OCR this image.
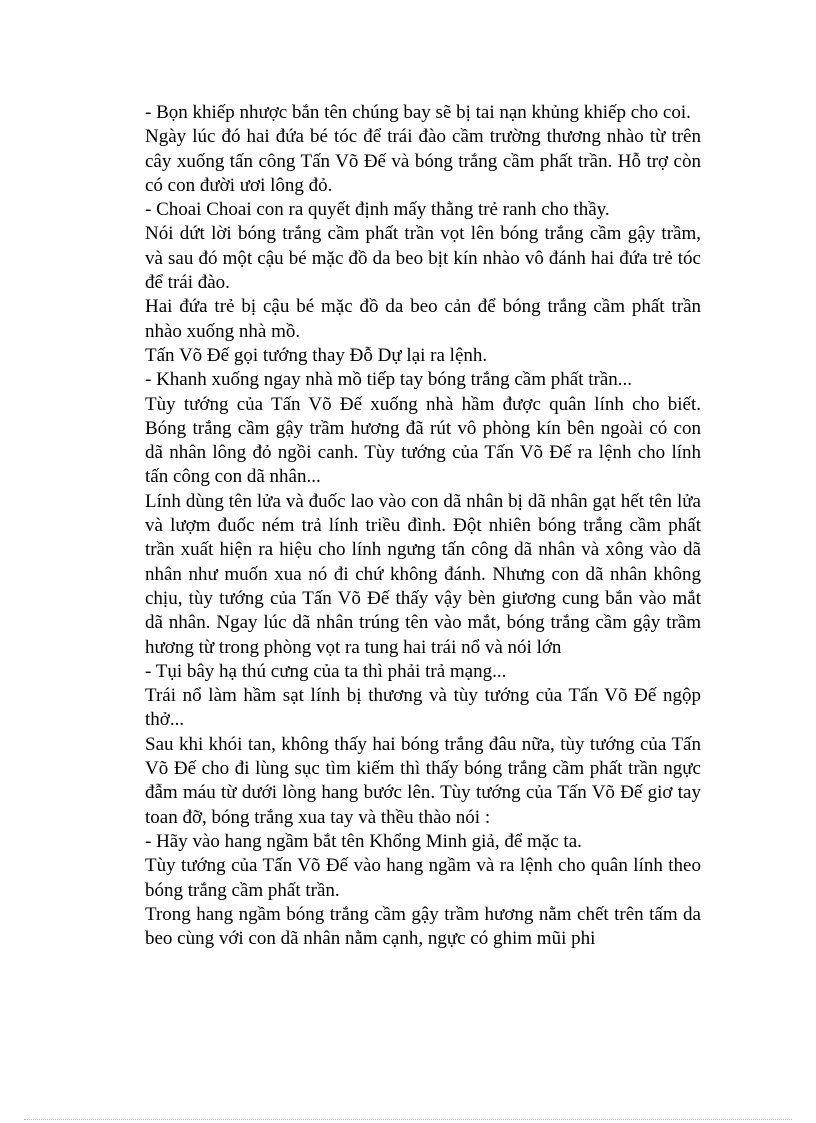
- Bọn khiếp nhược bắn tên chúng bay sẽ bị tai nạn khủng khiếp cho coi.

Ngày lúc đó hai đứa bé tóc để trái đào cầm trường thương nhào từ trên cây xuống tấn công Tấn Võ Đế và bóng trắng cầm phất trần. Hỗ trợ còn có con đười ươi lông đỏ.

- Choai Choai con ra quyết định mấy thằng trẻ ranh cho thầy.

Nói dứt lời bóng trắng cầm phất trần vọt lên bóng trắng cầm gậy trầm, và sau đó một cậu bé mặc đồ da beo bịt kín nhào vô đánh hai đứa trẻ tóc để trái đào.

Hai đứa trẻ bị cậu bé mặc đồ da beo cản để bóng trắng cầm phất trần nhào xuống nhà mồ.

Tấn Võ Đế gọi tướng thay Đỗ Dự lại ra lệnh.

- Khanh xuống ngay nhà mồ tiếp tay bóng trắng cầm phất trần...

Tùy tướng của Tấn Võ Đế xuống nhà hầm được quân lính cho biết. Bóng trắng cầm gậy trầm hương đã rút vô phòng kín bên ngoài có con dã nhân lông đỏ ngồi canh. Tùy tướng của Tấn Võ Đế ra lệnh cho lính tấn công con dã nhân...

Lính dùng tên lửa và đuốc lao vào con dã nhân bị dã nhân gạt hết tên lửa và lượm đuốc ném trả lính triều đình. Đột nhiên bóng trắng cầm phất trần xuất hiện ra hiệu cho lính ngưng tấn công dã nhân và xông vào dã nhân như muốn xua nó đi chứ không đánh. Nhưng con dã nhân không chịu, tùy tướng của Tấn Võ Đế thấy vậy bèn giương cung bắn vào mắt dã nhân. Ngay lúc dã nhân trúng tên vào mắt, bóng trắng cầm gậy trầm hương từ trong phòng vọt ra tung hai trái nổ và nói lớn

- Tụi bây hạ thú cưng của ta thì phải trả mạng...

Trái nổ làm hầm sạt lính bị thương và tùy tướng của Tấn Võ Đế ngộp thở...

Sau khi khói tan, không thấy hai bóng trắng đâu nữa, tùy tướng của Tấn Võ Đế cho đi lùng sục tìm kiếm thì thấy bóng trắng cầm phất trần ngực đẫm máu từ dưới lòng hang bước lên. Tùy tướng của Tấn Võ Đế giơ tay toan đỡ, bóng trắng xua tay và thều thào nói :

- Hãy vào hang ngầm bắt tên Khổng Minh giả, để mặc ta.

Tùy tướng của Tấn Võ Đế vào hang ngầm và ra lệnh cho quân lính theo bóng trắng cầm phất trần.

Trong hang ngầm bóng trắng cầm gậy trầm hương nằm chết trên tấm da beo cùng với con dã nhân nằm cạnh, ngực có ghim mũi phi
